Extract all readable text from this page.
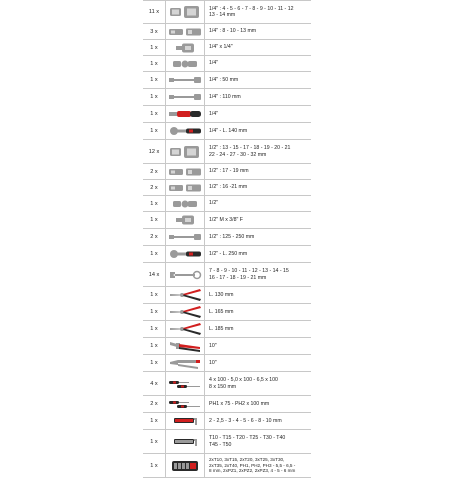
11 x
1/4" : 4 - 5 - 6 - 7 - 8 - 9 - 10 - 11 - 12
13 - 14 mm
3 x	1/4" : 8 - 10 - 13 mm
1 x	1/4" x 1/4"
1 x	1/4"
1 x	1/4" : 50 mm
1 x	1/4" : 110 mm
1 x	1/4"
1 x	1/4" - L. 140 mm
12 x
1/2" : 13 - 15 - 17 - 18 - 19 - 20 - 21
22 - 24 - 27 - 30 - 32 mm
2 x	1/2" : 17 - 19 mm
2 x	1/2" : 16 -21 mm
1 x	1/2"
1 x	1/2" M x 3/8" F
2 x	1/2" : 125 - 250 mm
1 x	1/2" - L. 250 mm
14 x
7 - 8 - 9 - 10 - 11 - 12 - 13 - 14 - 15
16 - 17 - 18 - 19 - 21 mm
1 x	L. 130 mm
1 x	L. 165 mm
1 x	L. 185 mm
1 x	10"
1 x	10"
4 x
4 x 100 - 5,0 x 100 - 6,5 x 100
8 x 150 mm
2 x	PH1 x 75 - PH2 x 100 mm
1 x	2 - 2,5 - 3 - 4 - 5 - 6 - 8 - 10 mm
1 x
T10 - T15 - T20 - T25 - T30 - T40
T45 - T50
1 x
2xT10, 3xT15, 2xT20, 3xT25, 3xT30,
2xT35, 2xT40, PH1, PH2, PH3 - 5,5 - 6,5 -
8 mm, 2xPZ1, 2xPZ2, 2xPZ3, 4 - 5 - 6 mm
